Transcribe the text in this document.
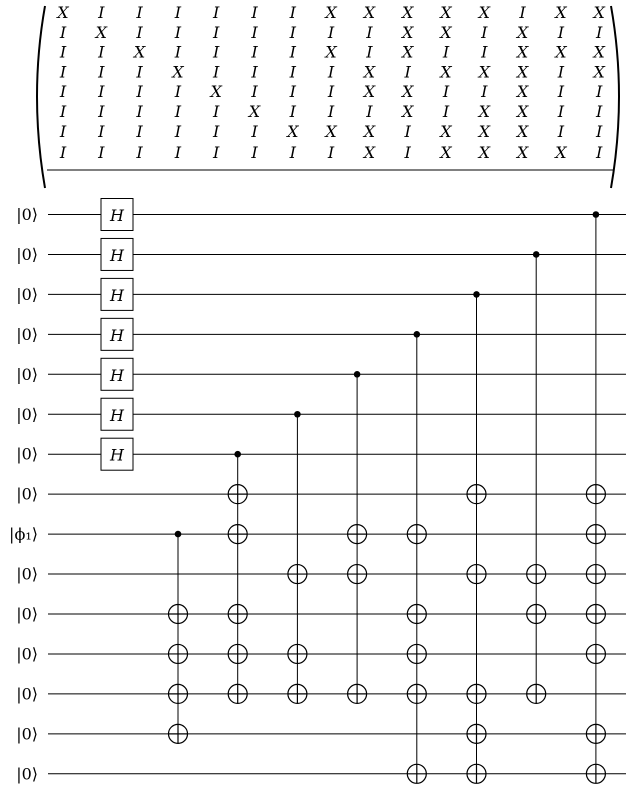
X I I I I I I X X X X X I X X
I X I I I I I I I X X I X I I
I I X I I I I X I X I I X X X
I I I X I I I I X I X X X I X
I I I I X I I I X X I I X I I
I I I I I X I I I X I X X I I
I I I I I I X X X I X X X I I
I I I I I I I I X I X X X X I
|0⟩
|0⟩
|0⟩
|0⟩
|0⟩
|0⟩
|0⟩
|0⟩
|ϕ₁⟩
|0⟩
|0⟩
|0⟩
|0⟩
|0⟩
|0⟩
H
H
H
H
H
H
H
